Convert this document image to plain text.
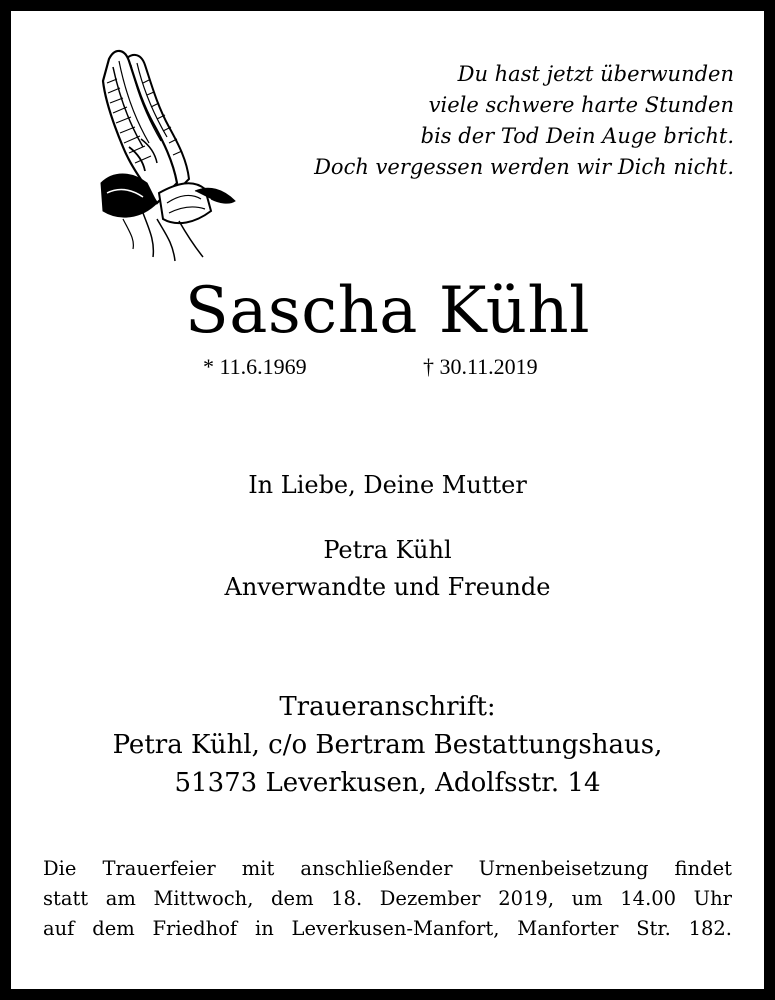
Du hast jetzt überwunden
viele schwere harte Stunden
bis der Tod Dein Auge bricht.
Doch vergessen werden wir Dich nicht.
Sascha Kühl
* 11.6.1969	† 30.11.2019
In Liebe, Deine Mutter
Petra Kühl
Anverwandte und Freunde
Traueranschrift:
Petra Kühl, c/o Bertram Bestattungshaus,
51373 Leverkusen, Adolfsstr. 14
Die Trauerfeier mit anschließender Urnenbeisetzung findet
statt am Mittwoch, dem 18. Dezember 2019, um 14.00 Uhr
auf dem Friedhof in Leverkusen-Manfort, Manforter Str. 182.
